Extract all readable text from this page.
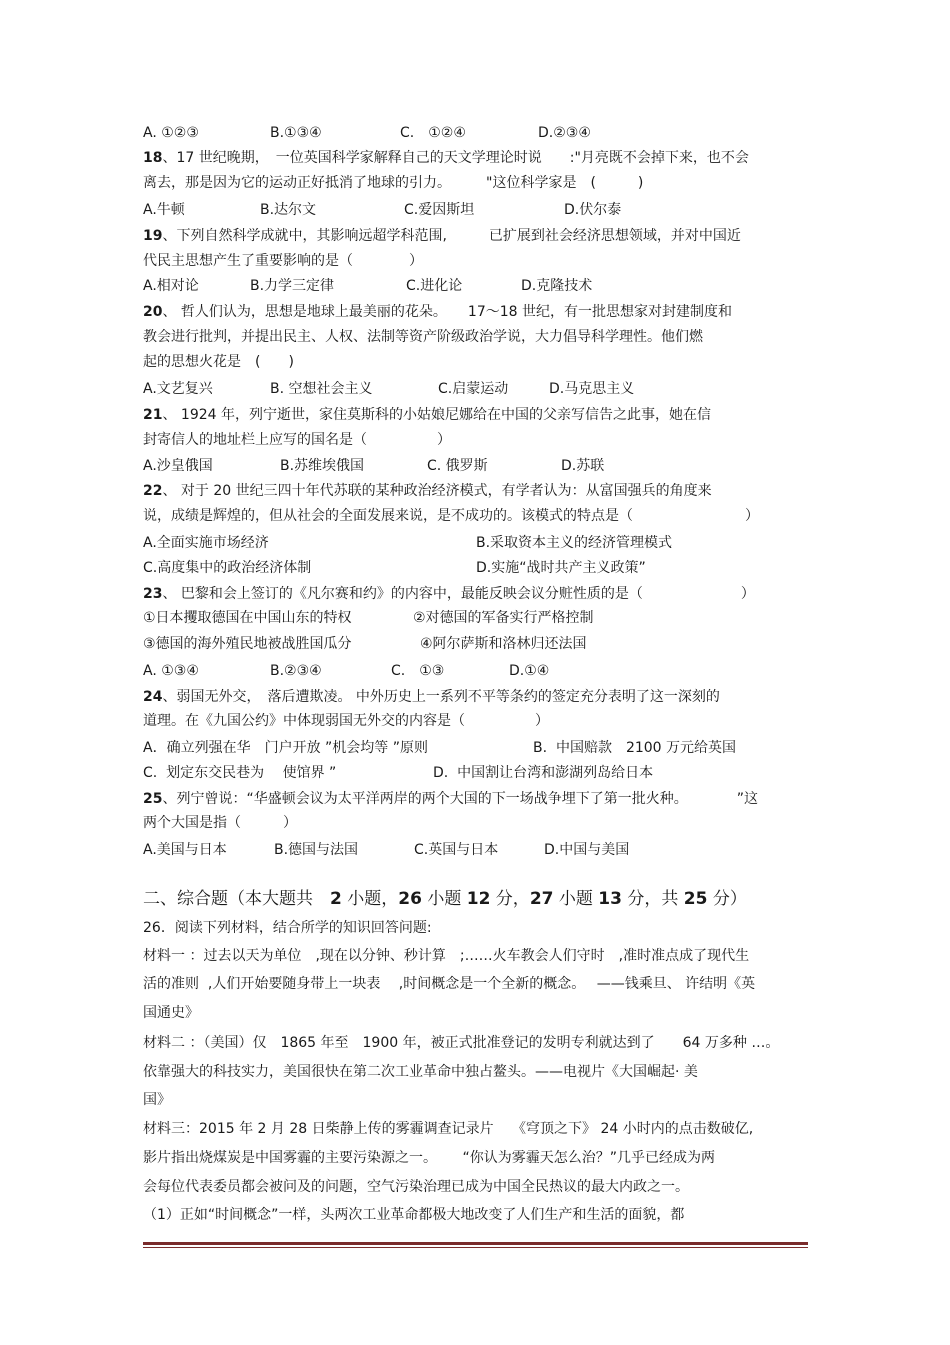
A. ①②③	B.①③④	C.　①②④	D.②③④
18、17 世纪晚期，　一位英国科学家解释自己的天文学理论时说　　:"月亮既不会掉下来，也不会
离去，那是因为它的运动正好抵消了地球的引力。　　　"这位科学家是　(　　　)
A.牛顿	B.达尔文	C.爱因斯坦	D.伏尔泰
19、下列自然科学成就中，其影响远超学科范围,　　　已扩展到社会经济思想领域，并对中国近
代民主思想产生了重要影响的是（　　　　）
A.相对论	B.力学三定律	C.进化论	D.克隆技术
20、 哲人们认为，思想是地球上最美丽的花朵。　　17～18 世纪，有一批思想家对封建制度和
教会进行批判，并提出民主、人权、法制等资产阶级政治学说，大力倡导科学理性。他们燃
起的思想火花是　(　　)
A.文艺复兴	B. 空想社会主义	C.启蒙运动	D.马克思主义
21、 1924 年，列宁逝世，家住莫斯科的小姑娘尼娜给在中国的父亲写信告之此事，她在信
封寄信人的地址栏上应写的国名是（　　　　　）
A.沙皇俄国	B.苏维埃俄国	C. 俄罗斯	D.苏联
22、 对于 20 世纪三四十年代苏联的某种政治经济模式，有学者认为：从富国强兵的角度来
说，成绩是辉煌的，但从社会的全面发展来说，是不成功的。该模式的特点是（　　　　　　　　）
A.全面实施市场经济	B.采取资本主义的经济管理模式
C.高度集中的政治经济体制	D.实施“战时共产主义政策”
23、 巴黎和会上签订的《凡尔赛和约》的内容中，最能反映会议分赃性质的是（　　　　　　　）
①日本攫取德国在中国山东的特权	②对德国的军备实行严格控制
③德国的海外殖民地被战胜国瓜分	④阿尔萨斯和洛林归还法国
A. ①③④	B.②③④	C.　①③	D.①④
24、弱国无外交，　落后遭欺凌。 中外历史上一系列不平等条约的签定充分表明了这一深刻的
道理。在《九国公约》中体现弱国无外交的内容是（　　　　　）
A．确立列强在华　门户开放 ”机会均等 ”原则	B.  中国赔款　2100 万元给英国
C.  划定东交民巷为　 使馆界 ”	D.  中国割让台湾和澎湖列岛给日本
25、列宁曾说：“华盛顿会议为太平洋两岸的两个大国的下一场战争埋下了第一批火种。　　　　”这
两个大国是指（　　　）
A.美国与日本	B.德国与法国	C.英国与日本	D.中国与美国
二、综合题（本大题共　2 小题，26 小题 12 分，27 小题 13 分，共 25 分）
26．阅读下列材料，结合所学的知识回答问题:
材料一 ：过去以天为单位　,现在以分钟、秒计算　;……火车教会人们守时　,准时准点成了现代生
活的准则  ,人们开始要随身带上一块表　 ,时间概念是一个全新的概念。　 ——钱乘旦、 许结明《英
国通史》
材料二 ：（美国）仅　1865 年至　1900 年，被正式批准登记的发明专利就达到了　　64 万多种 …。
依靠强大的科技实力，美国很快在第二次工业革命中独占鳌头。——电视片《大国崛起· 美
国》
材料三：2015 年 2 月 28 日柴静上传的雾霾调查记录片　 《穹顶之下》 24 小时内的点击数破亿,
影片指出烧煤炭是中国雾霾的主要污染源之一。　　 “你认为雾霾天怎么治？”几乎已经成为两
会每位代表委员都会被问及的问题，空气污染治理已成为中国全民热议的最大内政之一。
（1）正如“时间概念”一样，头两次工业革命都极大地改变了人们生产和生活的面貌，都
